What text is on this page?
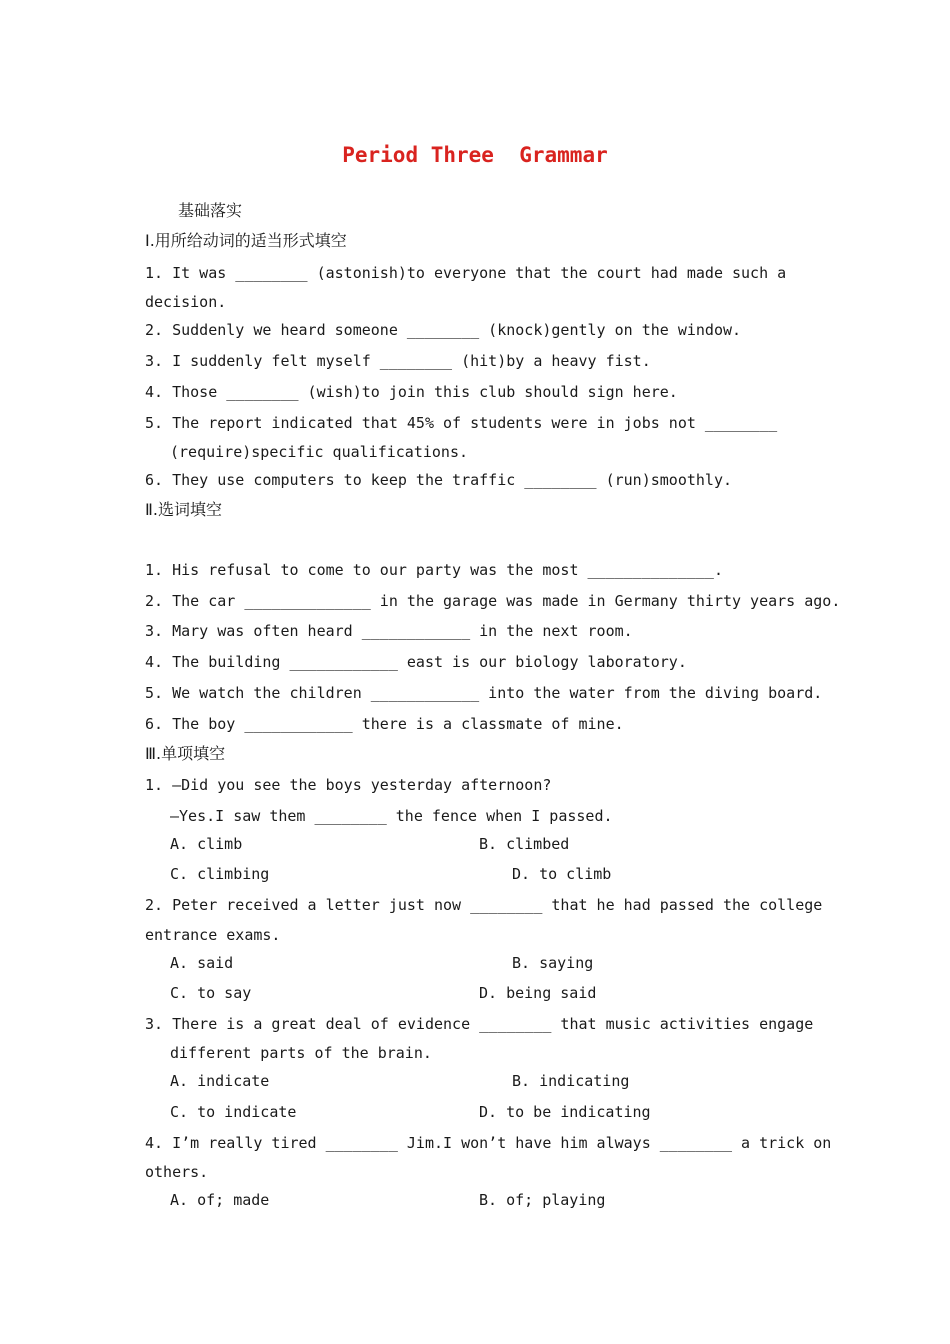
Period Three  Grammar
基础落实
Ⅰ.用所给动词的适当形式填空
1. It was ________ (astonish)to everyone that the court had made such a
decision.
2. Suddenly we heard someone ________ (knock)gently on the window.
3. I suddenly felt myself ________ (hit)by a heavy fist.
4. Those ________ (wish)to join this club should sign here.
5. The report indicated that 45% of students were in jobs not ________
(require)specific qualifications.
6. They use computers to keep the traffic ________ (run)smoothly.
Ⅱ.选词填空
1. His refusal to come to our party was the most ______________.
2. The car ______________ in the garage was made in Germany thirty years ago.
3. Mary was often heard ____________ in the next room.
4. The building ____________ east is our biology laboratory.
5. We watch the children ____________ into the water from the diving board.
6. The boy ____________ there is a classmate of mine.
Ⅲ.单项填空
1. —Did you see the boys yesterday afternoon?
—Yes.I saw them ________ the fence when I passed.
A. climb	B. climbed
C. climbing	D. to climb
2. Peter received a letter just now ________ that he had passed the college
entrance exams.
A. said	B. saying
C. to say	D. being said
3. There is a great deal of evidence ________ that music activities engage
different parts of the brain.
A. indicate	B. indicating
C. to indicate	D. to be indicating
4. I’m really tired ________ Jim.I won’t have him always ________ a trick on
others.
A. of; made	B. of; playing
